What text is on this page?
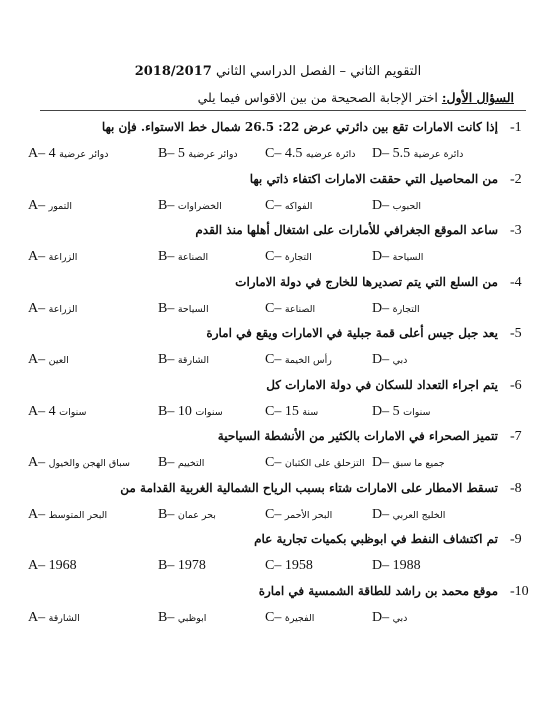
التقويم الثاني – الفصل الدراسي الثاني 2018/2017
السؤال الأول: اختر الإجابة الصحيحة من بين الاقواس فيما يلي
إذا كانت الامارات تقع بين دائرتي عرض 22: 26.5 شمال خط الاستواء. فإن بها -1
A– دوائر عرضية 4	B– دوائر عرضية 5	C–	دائرة عرضيه 4.5	D–	دائرة عرضية 5.5
من المحاصيل التي حققت الامارات اكتفاء ذاتي بها -2
A– التمور	B– الخضراوات	C– الفواكه	D– الحبوب
ساعد الموقع الجغرافي للأمارات على اشتغال أهلها منذ القدم -3
A– الزراعة	B– الصناعة	C– التجارة	D– السياحة
من السلع التي يتم تصديرها للخارج في دولة الامارات -4
A– الزراعة	B– السياحة	C– الصناعة	D– التجارة
يعد جبل جيس أعلى قمة جبلية في الامارات ويقع في امارة -5
A– العين	B– الشارقة	C– رأس الخيمة	D– دبي
يتم اجراء التعداد للسكان في دولة الامارات كل -6
A– سنوات 4	B– سنوات 10	C– سنة 15	D– سنوات 5
تتميز الصحراء في الامارات بالكثير من الأنشطة السياحية -7
A– سباق الهجن والخيول B– التخييم	C– التزحلق على الكثبان D– جميع ما سبق
تسقط الامطار على الامارات شتاء بسبب الرياح الشمالية الغربية القدامة من -8
A– البحر المتوسط	B– بحر عمان	C– البحر الأحمر	D– الخليج العربي
تم اكتشاف النفط في ابوظبي بكميات تجارية عام -9
A– 1968	B– 1978	C– 1958	D– 1988
موقع محمد بن راشد للطاقة الشمسية في امارة -10
A– الشارقة	B– ابوظبي	C– الفجيرة	D– دبي
